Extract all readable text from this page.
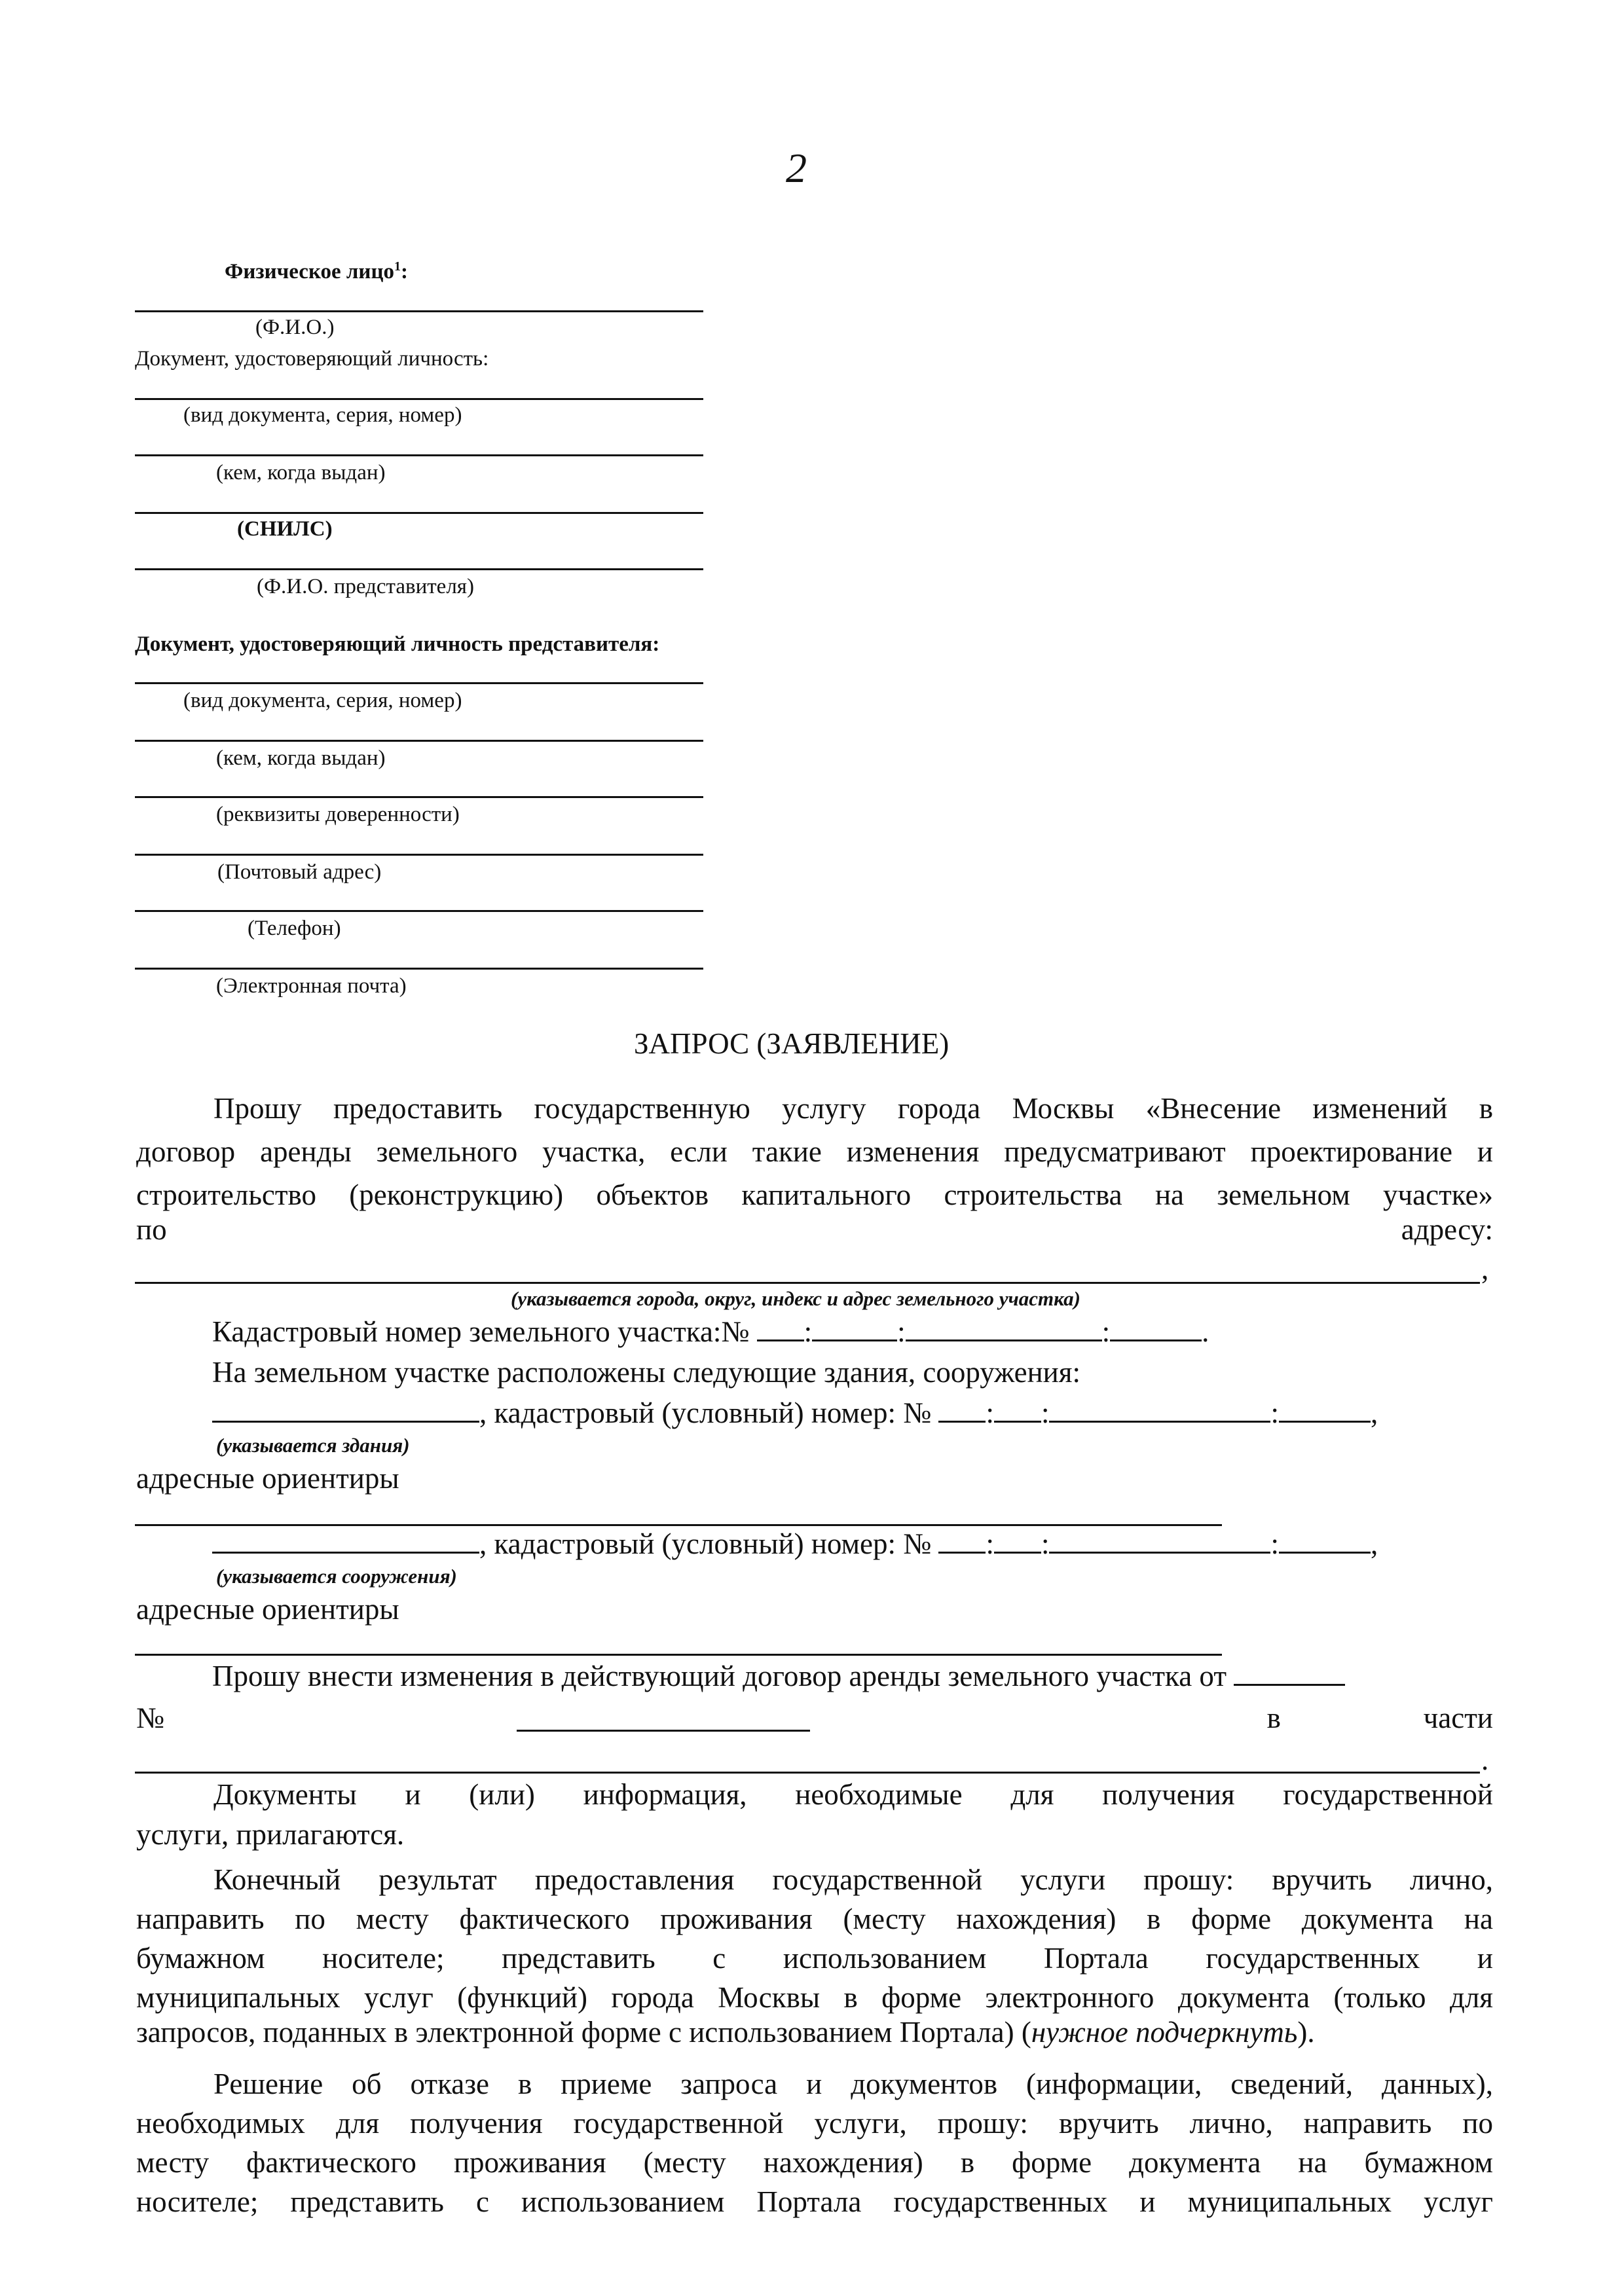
2
Физическое лицо$^1$:
(Ф.И.О.)
Документ, удостоверяющий личность:
(вид документа, серия, номер)
(кем, когда выдан)
(СНИЛС)
(Ф.И.О. представителя)
Документ, удостоверяющий личность представителя:
(вид документа, серия, номер)
(кем, когда выдан)
(реквизиты доверенности)
(Почтовый адрес)
(Телефон)
(Электронная почта)
ЗАПРОС (ЗАЯВЛЕНИЕ)
Прошу предоставить государственную услугу города Москвы «Внесение изменений в
договор аренды земельного участка, если такие изменения предусматривают проектирование и
строительство (реконструкцию) объектов капитального строительства на земельном участке»
по	адресу:
,
(указывается города, округ, индекс и адрес земельного участка)
Кадастровый номер земельного участка:№ :	:	:	.
На земельном участке расположены следующие здания, сооружения:
, кадастровый (условный) номер: № : :	:	,
(указывается здания)
адресные ориентиры
, кадастровый (условный) номер: № : :	:	,
(указывается сооружения)
адресные ориентиры
Прошу внести изменения в действующий договор аренды земельного участка от
№	в	части
.
Документы и (или) информация, необходимые для получения государственной
услуги, прилагаются.
Конечный результат предоставления государственной услуги прошу: вручить лично,
направить по месту фактического проживания (месту нахождения) в форме документа на
бумажном носителе; представить с использованием Портала государственных и
муниципальных услуг (функций) города Москвы в форме электронного документа (только для
запросов, поданных в электронной форме с использованием Портала) (нужное подчеркнуть).
Решение об отказе в приеме запроса и документов (информации, сведений, данных),
необходимых для получения государственной услуги, прошу: вручить лично, направить по
месту фактического проживания (месту нахождения) в форме документа на бумажном
носителе; представить с использованием Портала государственных и муниципальных услуг
